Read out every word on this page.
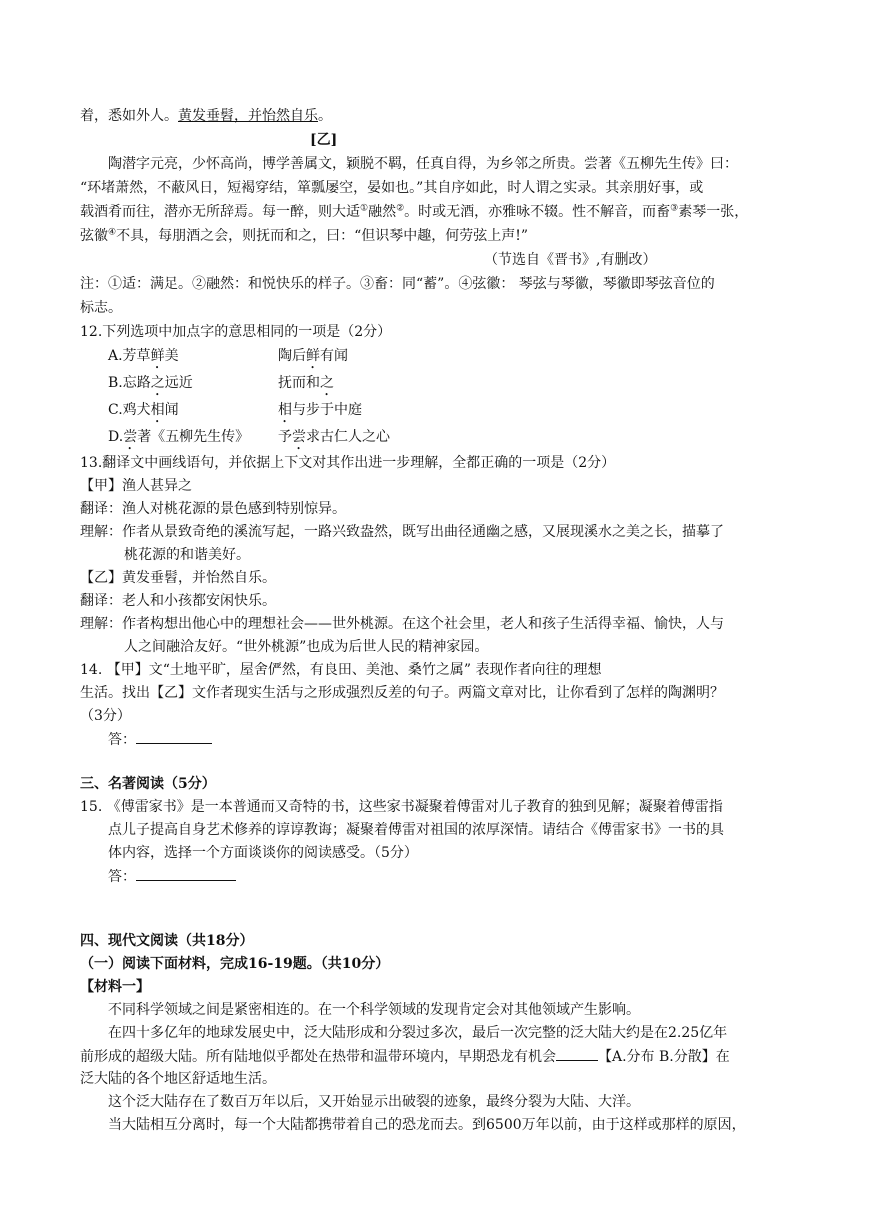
着，悉如外人。黄发垂髫，并怡然自乐。
[乙]
陶潜字元亮，少怀高尚，博学善属文，颖脱不羁，任真自得，为乡邻之所贵。尝著《五柳先生传》曰：
“环堵萧然，不蔽风日，短褐穿结，箪瓢屡空，晏如也。”其自序如此，时人谓之实录。其亲朋好事，或
载酒肴而往，潜亦无所辞焉。每一醉，则大适①融然②。时或无酒，亦雅咏不辍。性不解音，而畜③素琴一张，
弦徽④不具，每朋酒之会，则抚而和之，曰：“但识琴中趣，何劳弦上声!”
（节选自《晋书》,有删改）
注：①适：满足。②融然：和悦快乐的样子。③畜：同“蓄”。④弦徽： 琴弦与琴徽，琴徽即琴弦音位的
标志。
12.下列选项中加点字的意思相同的一项是（2分）
A.芳草鲜美	陶后鲜有闻
B.忘路之远近	抚而和之
C.鸡犬相闻	相与步于中庭
D.尝著《五柳先生传》 予尝求古仁人之心
13.翻译文中画线语句，并依据上下文对其作出进一步理解，全都正确的一项是（2分）
【甲】渔人甚异之
翻译：渔人对桃花源的景色感到特别惊异。
理解：作者从景致奇绝的溪流写起，一路兴致盎然，既写出曲径通幽之感，又展现溪水之美之长，描摹了
桃花源的和谐美好。
【乙】黄发垂髫，并怡然自乐。
翻译：老人和小孩都安闲快乐。
理解：作者构想出他心中的理想社会——世外桃源。在这个社会里，老人和孩子生活得幸福、愉快，人与
人之间融洽友好。“世外桃源”也成为后世人民的精神家园。
14. 【甲】文“土地平旷，屋舍俨然，有良田、美池、桑竹之属” 表现作者向往的理想
生活。找出【乙】文作者现实生活与之形成强烈反差的句子。两篇文章对比，让你看到了怎样的陶渊明？
（3分）
答：
三、名著阅读（5分）
15. 《傅雷家书》是一本普通而又奇特的书，这些家书凝聚着傅雷对儿子教育的独到见解；凝聚着傅雷指
点儿子提高自身艺术修养的谆谆教诲；凝聚着傅雷对祖国的浓厚深情。请结合《傅雷家书》一书的具
体内容，选择一个方面谈谈你的阅读感受。（5分）
答：
四、现代文阅读（共18分）
（一）阅读下面材料，完成16-19题。（共10分）
【材料一】
不同科学领域之间是紧密相连的。在一个科学领域的发现肯定会对其他领域产生影响。
在四十多亿年的地球发展史中，泛大陆形成和分裂过多次，最后一次完整的泛大陆大约是在2.25亿年
前形成的超级大陆。所有陆地似乎都处在热带和温带环境内，早期恐龙有机会	【A.分布 B.分散】在
泛大陆的各个地区舒适地生活。
这个泛大陆存在了数百万年以后，又开始显示出破裂的迹象，最终分裂为大陆、大洋。
当大陆相互分离时，每一个大陆都携带着自己的恐龙而去。到6500万年以前，由于这样或那样的原因，
